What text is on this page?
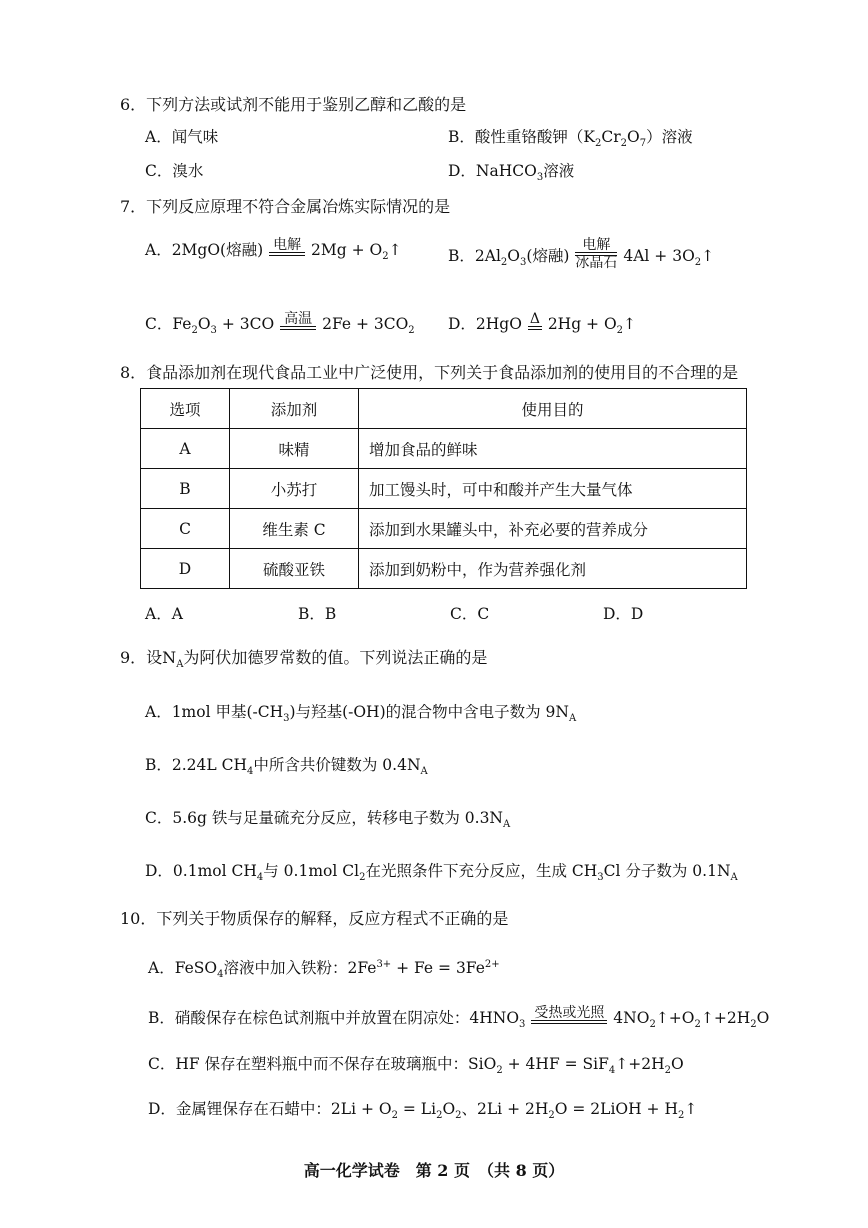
6．下列方法或试剂不能用于鉴别乙醇和乙酸的是
A．闻气味	B．酸性重铬酸钾$(K_2Cr_2O_7)$溶液
C．溴水	D．NaHCO$_3$溶液
7．下列反应原理不符合金属冶炼实际情况的是
A．2MgO(熔融) 电解 $2Mg + O_2↑$	B．$2Al_2O_3$(熔融)
电解
冰晶石 $4Al + 3O_2↑$
C．$Fe_2O_3 + 3CO$ 高温 $2Fe + 3CO_2$ D．2HgO Δ $2Hg + O_2↑$
8．食品添加剂在现代食品工业中广泛使用，下列关于食品添加剂的使用目的不合理的是
选项	添加剂	使用目的
A	味精	增加食品的鲜味
B	小苏打	加工馒头时，可中和酸并产生大量气体
C	维生素 C	添加到水果罐头中，补充必要的营养成分
D	硫酸亚铁	添加到奶粉中，作为营养强化剂
A．A	B．B	C．C	D．D
9．设$N_A$为阿伏加德罗常数的值。下列说法正确的是
A．1mol 甲基$(-CH_3)$与羟基(-OH)的混合物中含电子数为 $9N_A$
B．2.24L $CH_4$中所含共价键数为 $0.4N_A$
C．5.6g 铁与足量硫充分反应，转移电子数为 $0.3N_A$
D．0.1mol $CH_4$与 0.1mol $Cl_2$在光照条件下充分反应，生成 $CH_3Cl$ 分子数为 $0.1N_A$
10．下列关于物质保存的解释，反应方程式不正确的是
A．FeSO$_4$溶液中加入铁粉：$2Fe^{3+} + Fe = 3Fe^{2+}$
B．硝酸保存在棕色试剂瓶中并放置在阴凉处：$4HNO_3$
受热或光照 $4NO_2↑+O_2↑+2H_2O$
C．HF 保存在塑料瓶中而不保存在玻璃瓶中：$SiO_2 + 4HF = SiF_4↑+2H_2O$
D．金属锂保存在石蜡中：$2Li + O_2 = Li_2O_2$、$2Li + 2H_2O$ = 2LiOH + $H_2↑$
高一化学试卷　第 2 页　（共 8 页）
